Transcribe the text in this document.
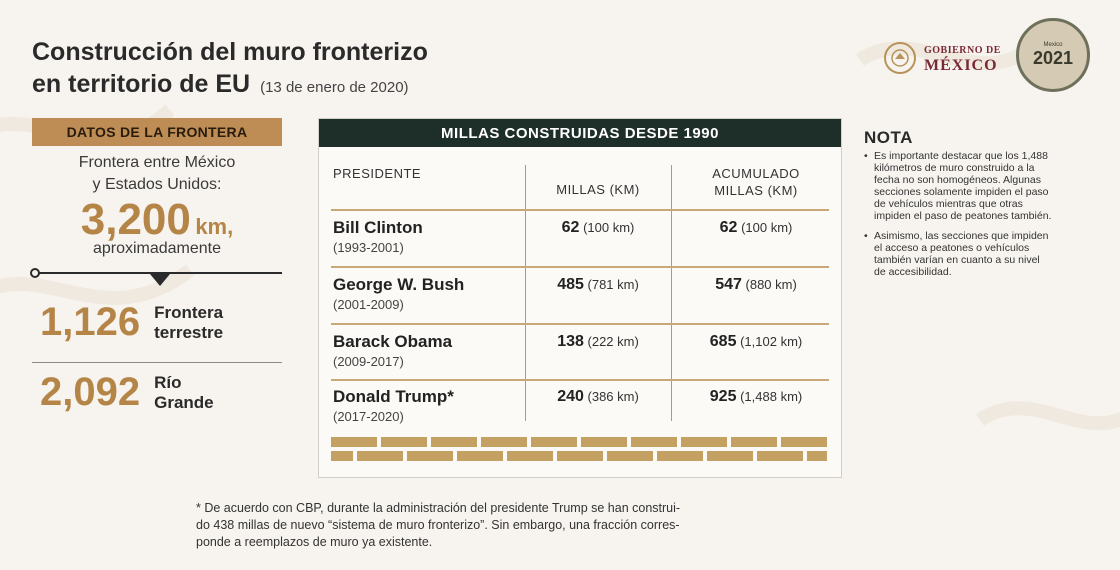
Construcción del muro fronterizo
en territorio de EU (13 de enero de 2020)
GOBIERNO DE
MÉXICO
Mexico
2021
DATOS DE LA FRONTERA
Frontera entre México
y Estados Unidos:
3,200 km,
aproximadamente
1,126 Frontera
terrestre
2,092 Río
Grande
MILLAS CONSTRUIDAS DESDE 1990
PRESIDENTE
MILLAS (KM)
ACUMULADO
MILLAS (KM)
Bill Clinton
(1993-2001)
62 (100 km)	62 (100 km)
George W. Bush
(2001-2009)
485 (781 km)	547 (880 km)
Barack Obama
(2009-2017)
138 (222 km)	685 (1,102 km)
Donald Trump*
(2017-2020)
240 (386 km)	925 (1,488 km)
NOTA
• Es importante destacar que los 1,488 kilómetros de muro construido a la fecha no son homogéneos. Algunas secciones solamente impiden el paso de vehículos mientras que otras impiden el paso de peatones también.
• Asimismo, las secciones que impiden el acceso a peatones o vehículos también varían en cuanto a su nivel de accesibilidad.
* De acuerdo con CBP, durante la administración del presidente Trump se han construi-
do 438 millas de nuevo “sistema de muro fronterizo”. Sin embargo, una fracción corres-
ponde a reemplazos de muro ya existente.
